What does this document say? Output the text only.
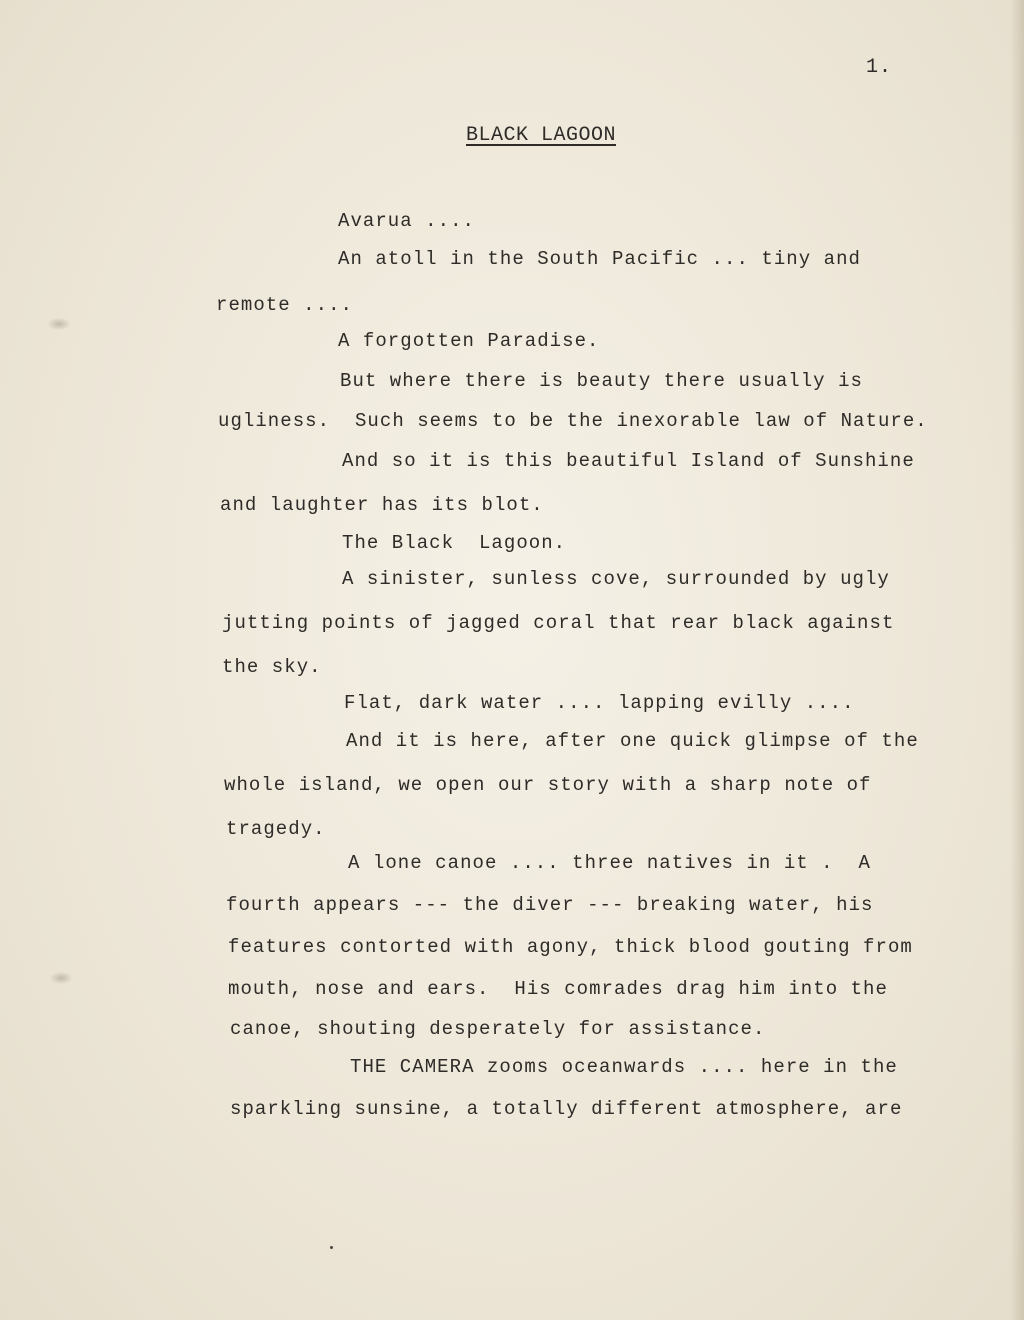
1.
BLACK LAGOON
Avarua ....
An atoll in the South Pacific ... tiny and
remote ....
A forgotten Paradise.
But where there is beauty there usually is
ugliness.  Such seems to be the inexorable law of Nature.
And so it is this beautiful Island of Sunshine
and laughter has its blot.
The Black  Lagoon.
A sinister, sunless cove, surrounded by ugly
jutting points of jagged coral that rear black against
the sky.
Flat, dark water .... lapping evilly ....
And it is here, after one quick glimpse of the
whole island, we open our story with a sharp note of
tragedy.
A lone canoe .... three natives in it .  A
fourth appears --- the diver --- breaking water, his
features contorted with agony, thick blood gouting from
mouth, nose and ears.  His comrades drag him into the
canoe, shouting desperately for assistance.
THE CAMERA zooms oceanwards .... here in the
sparkling sunsine, a totally different atmosphere, are
